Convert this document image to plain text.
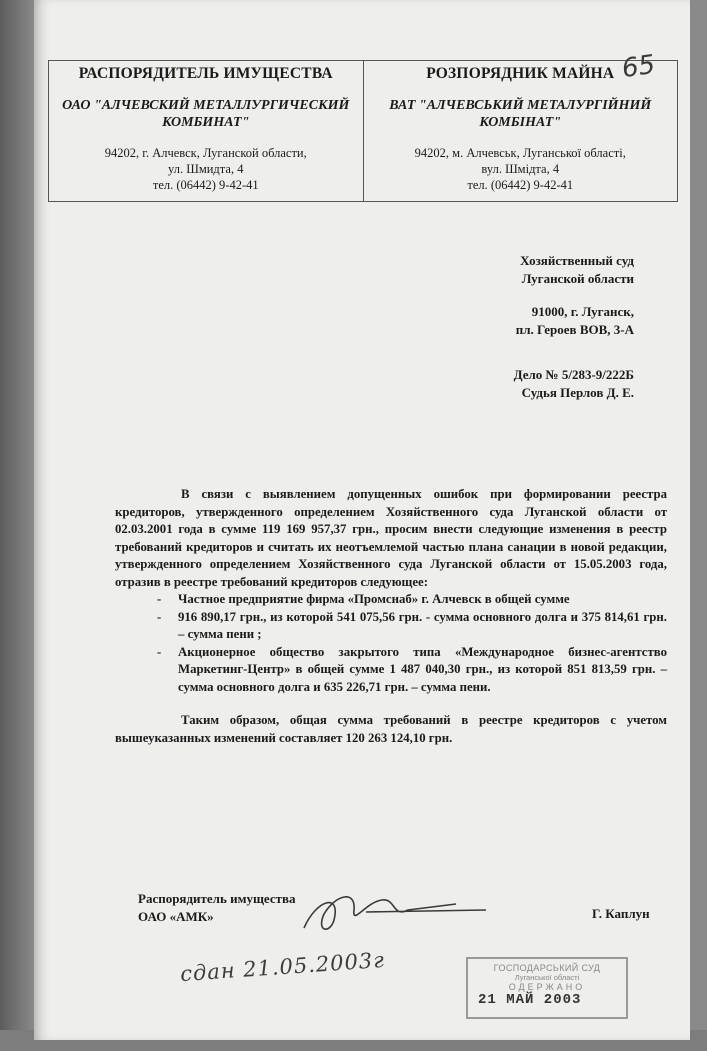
РАСПОРЯДИТЕЛЬ ИМУЩЕСТВА
ОАО "АЛЧЕВСКИЙ МЕТАЛЛУРГИЧЕСКИЙ
КОМБИНАТ"
94202, г. Алчевск, Луганской области,
ул. Шмидта, 4
тел. (06442) 9-42-41
РОЗПОРЯДНИК МАЙНА
ВАТ "АЛЧЕВСЬКИЙ МЕТАЛУРГІЙНИЙ
КОМБІНАТ"
94202, м. Алчевськ, Луганської області,
вул. Шмідта, 4
тел. (06442) 9-42-41
65
Хозяйственный суд
Луганской области
91000, г. Луганск,
пл. Героев ВОВ, 3-А
Дело № 5/283-9/222Б
Судья Перлов Д. Е.

В связи с выявлением допущенных ошибок при формировании реестра кредиторов, утвержденного определением Хозяйственного суда Луганской области от 02.03.2001 года в сумме 119 169 957,37 грн., просим внести следующие изменения в реестр требований кредиторов и считать их неотъемлемой частью плана санации в новой редакции, утвержденного определением Хозяйственного суда Луганской области от 15.05.2003 года, отразив в реестре требований кредиторов следующее:

- Частное предприятие фирма «Промснаб» г. Алчевск в общей сумме
- 916 890,17 грн., из которой 541 075,56 грн. - сумма основного долга и 375 814,61 грн. – сумма пени ;
- Акционерное общество закрытого типа «Международное бизнес-агентство Маркетинг-Центр» в общей сумме 1 487 040,30 грн., из которой 851 813,59 грн. – сумма основного долга и 635 226,71 грн. – сумма пени.

Таким образом, общая сумма требований в реестре кредиторов с учетом вышеуказанных изменений составляет 120 263 124,10 грн.

Распорядитель имущества
ОАО «АМК»	Г. Каплун
сдан 21.05.2003г	ГОСПОДАРСЬКИЙ СУД
Луганської області
ОДЕРЖАНО
21 МАЙ 2003
